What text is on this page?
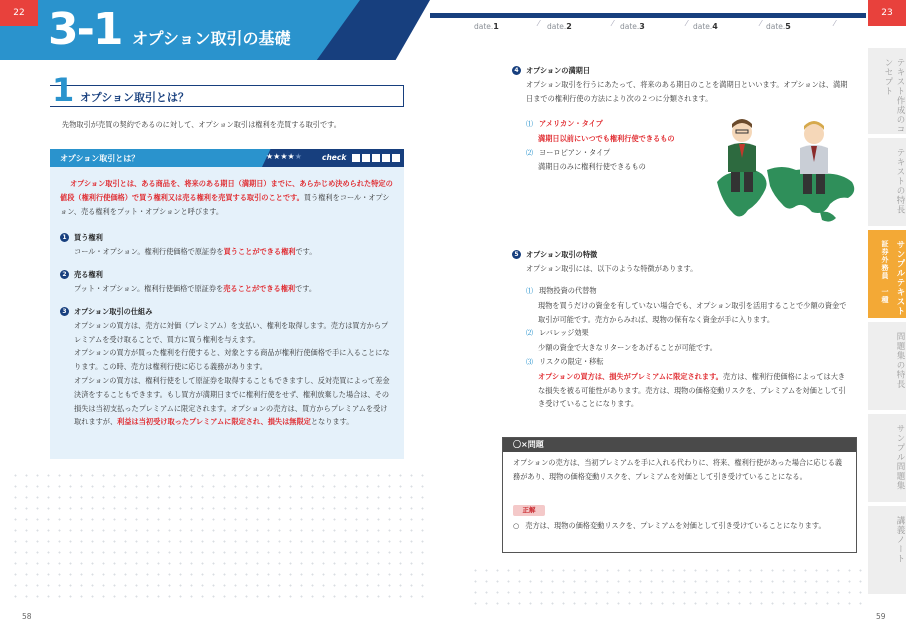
22	23
3-1 オプション取引の基礎
date.1	date.2	date.3	date.4	date.5
⁄	⁄	⁄	⁄	⁄
1 オプション取引とは？
先物取引が売買の契約であるのに対して、オプション取引は権利を売買する取引です。
オプション取引とは？	★★★★★	check
オプション取引とは、ある商品を、将来のある期日（満期日）までに、あらかじめ決められた特定の値段（権利行使価格）で買う権利又は売る権利を売買する取引のことです。買う権利をコール・オプション、売る権利をプット・オプションと呼びます。
1 買う権利
コール・オプション。権利行使価格で原証券を買うことができる権利です。
2 売る権利
プット・オプション。権利行使価格で原証券を売ることができる権利です。
3 オプション取引の仕組み
オプションの買方は、売方に対価（プレミアム）を支払い、権利を取得します。売方は買方からプレミアムを受け取ることで、買方に買う権利を与えます。
オプションの買方が買った権利を行使すると、対象とする商品が権利行使価格で手に入ることになります。この時、売方は権利行使に応じる義務があります。
オプションの買方は、権利行使をして原証券を取得することもできますし、反対売買によって差金決済をすることもできます。もし買方が満期日までに権利行使をせず、権利放棄した場合は、その損失は当初支払ったプレミアムに限定されます。オプションの売方は、買方からプレミアムを受け取れますが、利益は当初受け取ったプレミアムに限定され、損失は無限定となります。
58
4 オプションの満期日
オプション取引を行うにあたって、将来のある期日のことを満期日といいます。オプションは、満期日までの権利行使の方法により次の２つに分類されます。
⑴ アメリカン・タイプ
満期日以前にいつでも権利行使できるもの
⑵ ヨーロピアン・タイプ
満期日のみに権利行使できるもの
5 オプション取引の特徴
オプション取引には、以下のような特徴があります。
⑴ 現物投資の代替物
現物を買うだけの資金を有していない場合でも、オプション取引を活用することで少額の資金で取引が可能です。売方からみれば、現物の保有なく資金が手に入ります。
⑵ レバレッジ効果
少額の資金で大きなリターンをあげることが可能です。
⑶ リスクの限定・移転
オプションの買方は、損失がプレミアムに限定されます。売方は、権利行使価格によっては大きな損失を被る可能性があります。売方は、現物の価格変動リスクを、プレミアムを対価として引き受けていることになります。
〇×問題
オプションの売方は、当初プレミアムを手に入れる代わりに、将来、権利行使があった場合に応じる義務があり、現物の価格変動リスクを、プレミアムを対価として引き受けていることになる。
正解
○ 売方は、現物の価格変動リスクを、プレミアムを対価として引き受けていることになります。
59
テキスト作成のコンセプト
テキストの特長
サンプルテキスト
証券外務員　一種
問題集の特長
サンプル問題集
講義ノート
